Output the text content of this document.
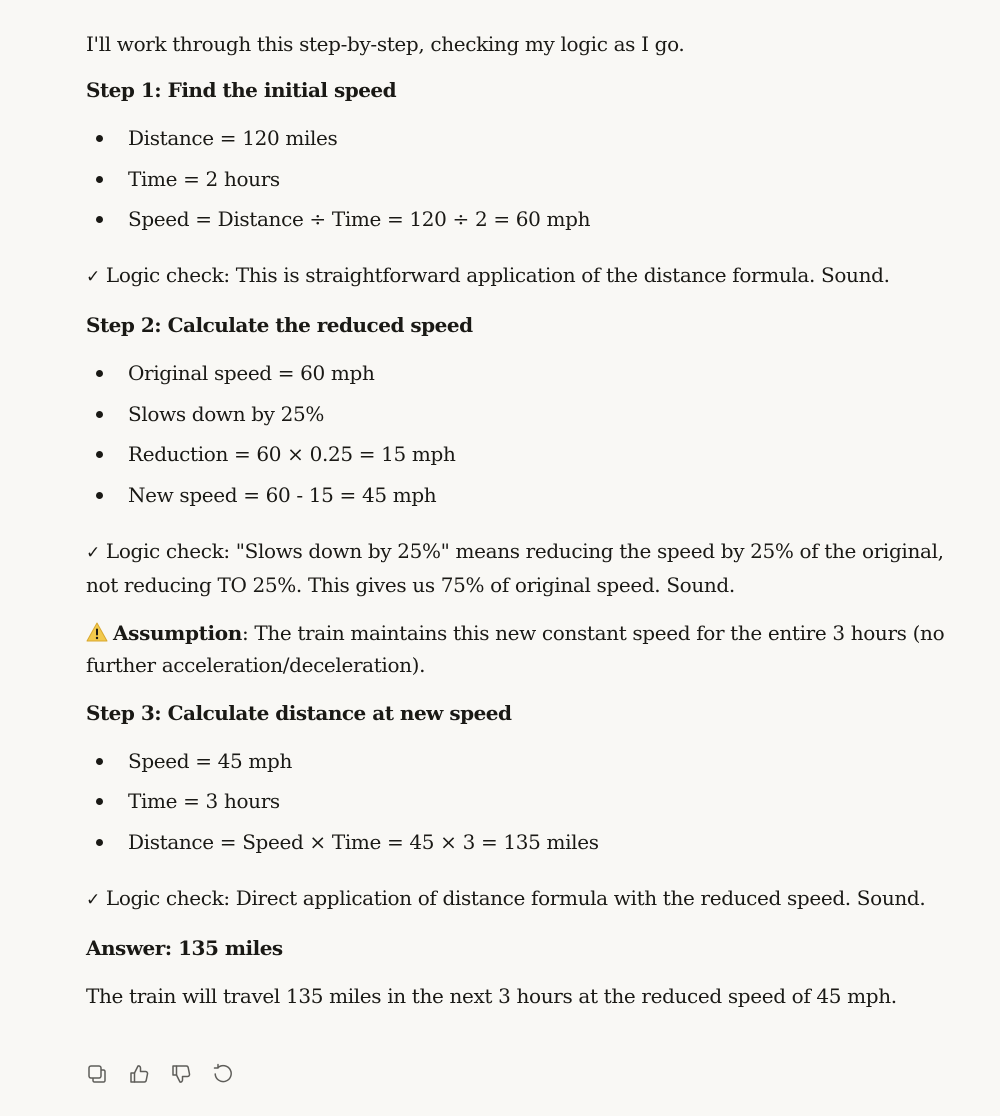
I'll work through this step-by-step, checking my logic as I go.

Step 1: Find the initial speed
Distance = 120 miles
Time = 2 hours
Speed = Distance ÷ Time = 120 ÷ 2 = 60 mph

✓ Logic check: This is straightforward application of the distance formula. Sound.

Step 2: Calculate the reduced speed
Original speed = 60 mph
Slows down by 25%
Reduction = 60 × 0.25 = 15 mph
New speed = 60 - 15 = 45 mph

✓ Logic check: "Slows down by 25%" means reducing the speed by 25% of the original, not reducing TO 25%. This gives us 75% of original speed. Sound.

Assumption: The train maintains this new constant speed for the entire 3 hours (no further acceleration/deceleration).

Step 3: Calculate distance at new speed
Speed = 45 mph
Time = 3 hours
Distance = Speed × Time = 45 × 3 = 135 miles

✓ Logic check: Direct application of distance formula with the reduced speed. Sound.

Answer: 135 miles

The train will travel 135 miles in the next 3 hours at the reduced speed of 45 mph.
